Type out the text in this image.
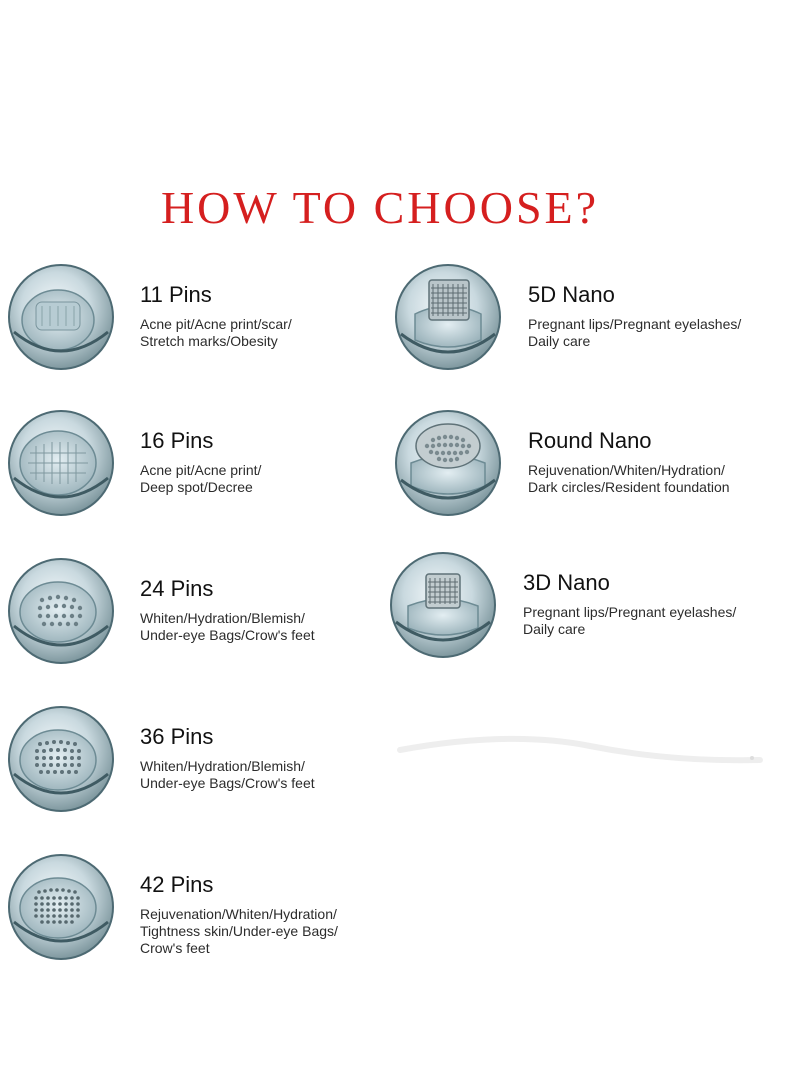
HOW TO CHOOSE?
11 Pins
Acne pit/Acne print/scar/
Stretch marks/Obesity
16 Pins
Acne pit/Acne print/
Deep spot/Decree
24 Pins
Whiten/Hydration/Blemish/
Under-eye Bags/Crow's feet
36 Pins
Whiten/Hydration/Blemish/
Under-eye Bags/Crow's feet
42 Pins
Rejuvenation/Whiten/Hydration/
Tightness skin/Under-eye Bags/
Crow's feet
5D Nano
Pregnant lips/Pregnant eyelashes/
Daily care
Round Nano
Rejuvenation/Whiten/Hydration/
Dark circles/Resident foundation
3D Nano
Pregnant lips/Pregnant eyelashes/
Daily care
